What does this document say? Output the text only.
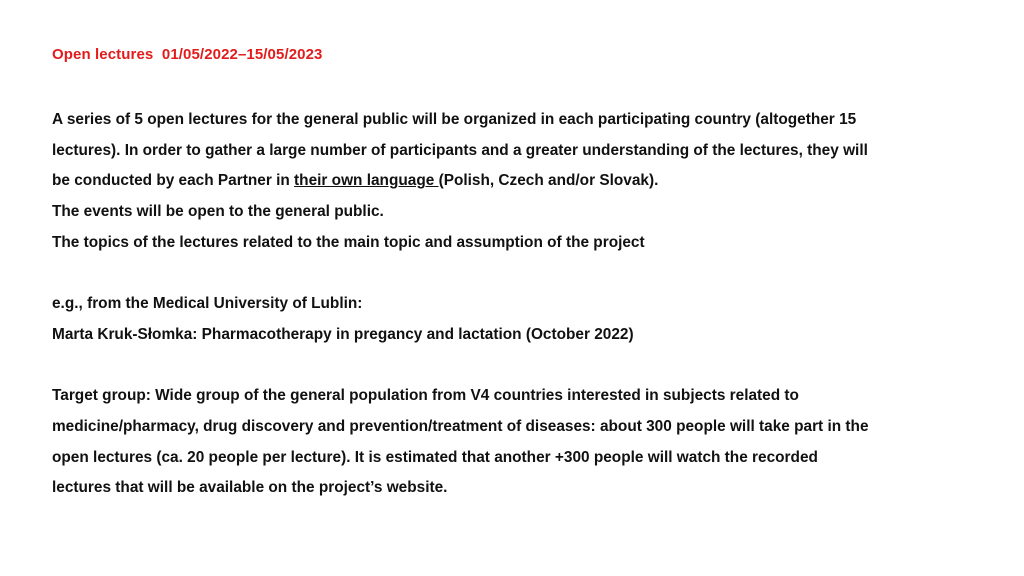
Open lectures 01/05/2022–15/05/2023
A series of 5 open lectures for the general public will be organized in each participating country (altogether 15
lectures). In order to gather a large number of participants and a greater understanding of the lectures, they will
be conducted by each Partner in their own language (Polish, Czech and/or Slovak).
The events will be open to the general public.
The topics of the lectures related to the main topic and assumption of the project
e.g., from the Medical University of Lublin:
Marta Kruk-Słomka: Pharmacotherapy in pregancy and lactation (October 2022)
Target group: Wide group of the general population from V4 countries interested in subjects related to
medicine/pharmacy, drug discovery and prevention/treatment of diseases: about 300 people will take part in the
open lectures (ca. 20 people per lecture). It is estimated that another +300 people will watch the recorded
lectures that will be available on the project’s website.
